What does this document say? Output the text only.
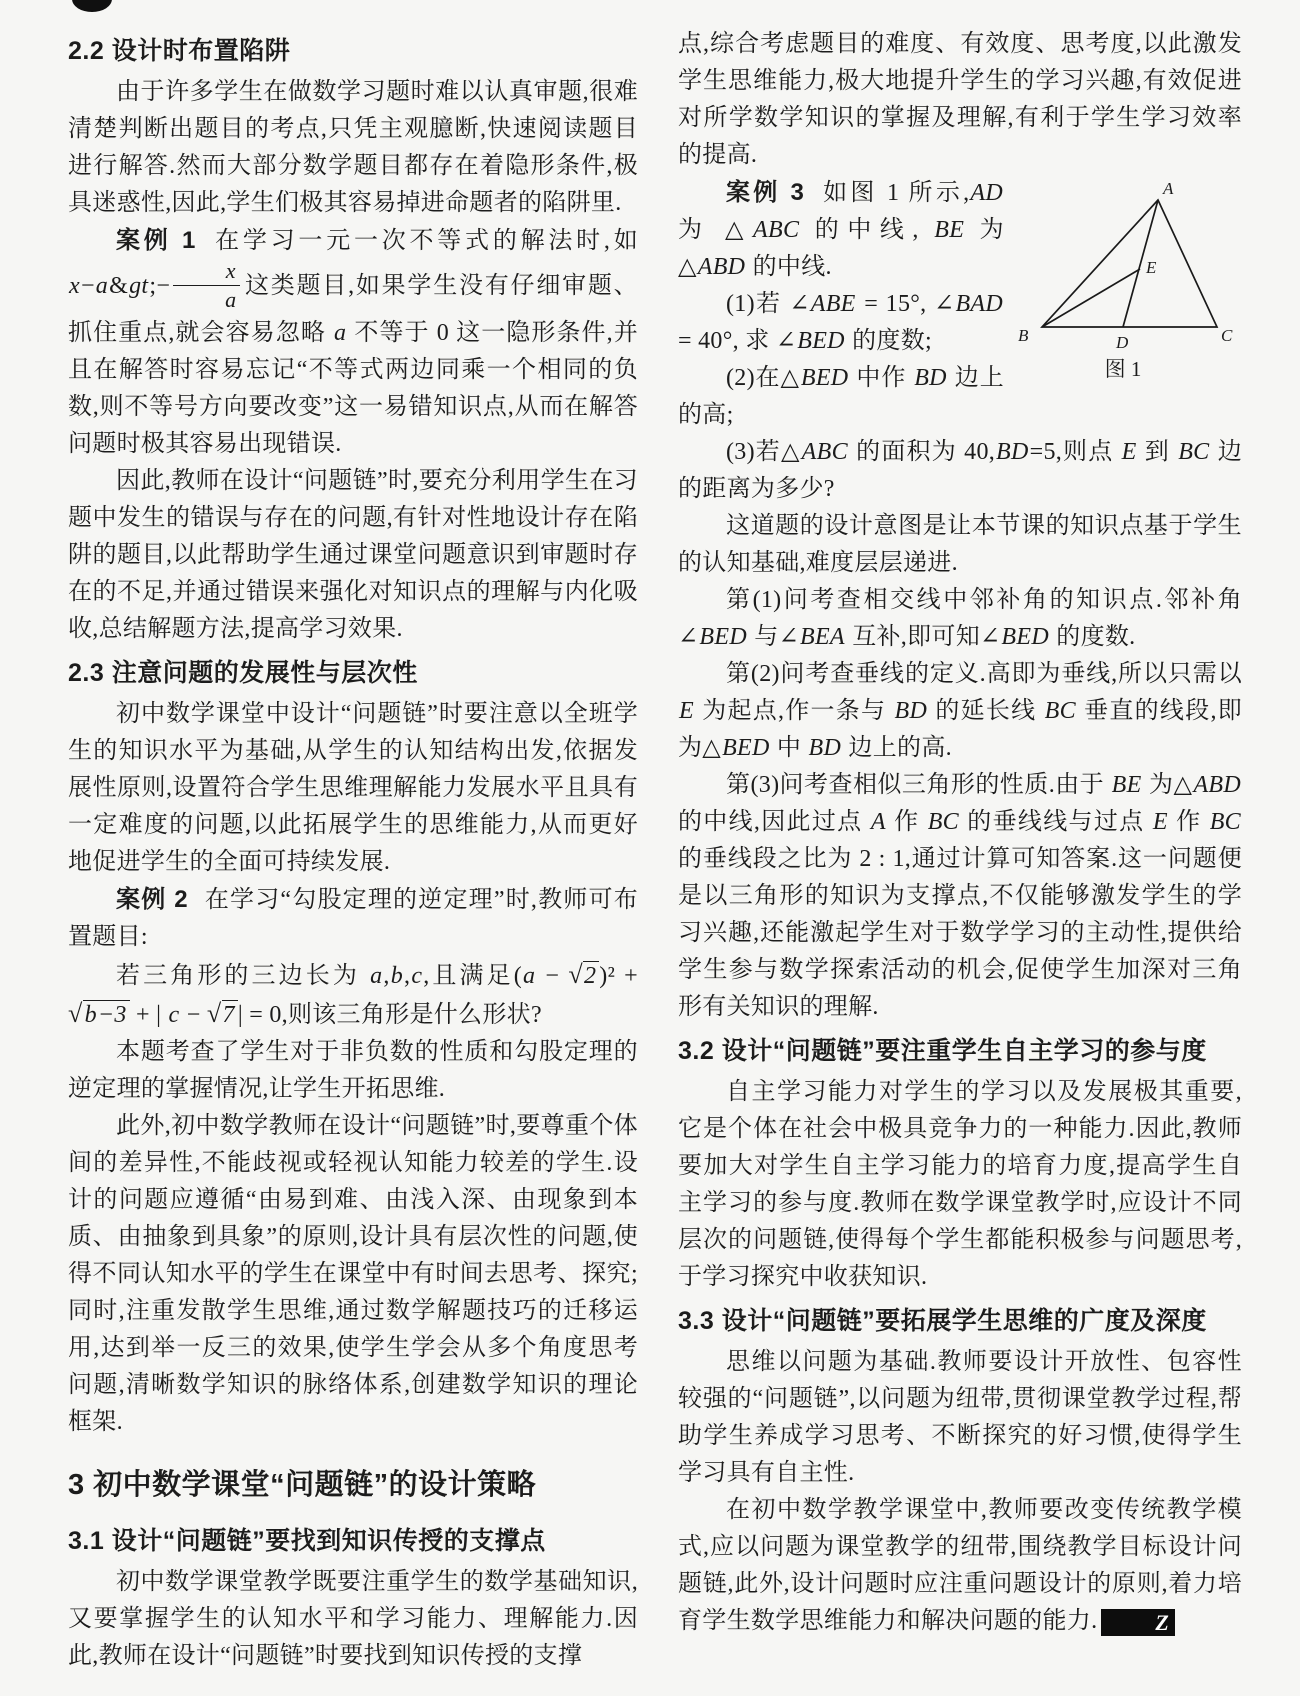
2.2 设计时布置陷阱

由于许多学生在做数学习题时难以认真审题,很难清楚判断出题目的考点,只凭主观臆断,快速阅读题目进行解答.然而大部分数学题目都存在着隐形条件,极具迷惑性,因此,学生们极其容易掉进命题者的陷阱里.

案例 1 在学习一元一次不等式的解法时,如x−a&gt;− $\frac{x}{a}$ 这类题目,如果学生没有仔细审题、抓住重点,就会容易忽略 a 不等于 0 这一隐形条件,并且在解答时容易忘记“不等式两边同乘一个相同的负数,则不等号方向要改变”这一易错知识点,从而在解答问题时极其容易出现错误.

因此,教师在设计“问题链”时,要充分利用学生在习题中发生的错误与存在的问题,有针对性地设计存在陷阱的题目,以此帮助学生通过课堂问题意识到审题时存在的不足,并通过错误来强化对知识点的理解与内化吸收,总结解题方法,提高学习效果.

2.3 注意问题的发展性与层次性

初中数学课堂中设计“问题链”时要注意以全班学生的知识水平为基础,从学生的认知结构出发,依据发展性原则,设置符合学生思维理解能力发展水平且具有一定难度的问题,以此拓展学生的思维能力,从而更好地促进学生的全面可持续发展.

案例 2 在学习“勾股定理的逆定理”时,教师可布置题目:

若三角形的三边长为 a,b,c,且满足(a − √2 )² + √b−3 + | c − √7 | = 0,则该三角形是什么形状?

本题考查了学生对于非负数的性质和勾股定理的逆定理的掌握情况,让学生开拓思维.

此外,初中数学教师在设计“问题链”时,要尊重个体间的差异性,不能歧视或轻视认知能力较差的学生.设计的问题应遵循“由易到难、由浅入深、由现象到本质、由抽象到具象”的原则,设计具有层次性的问题,使得不同认知水平的学生在课堂中有时间去思考、探究;同时,注重发散学生思维,通过数学解题技巧的迁移运用,达到举一反三的效果,使学生学会从多个角度思考问题,清晰数学知识的脉络体系,创建数学知识的理论框架.

3 初中数学课堂“问题链”的设计策略
3.1 设计“问题链”要找到知识传授的支撑点

初中数学课堂教学既要注重学生的数学基础知识,又要掌握学生的认知水平和学习能力、理解能力.因此,教师在设计“问题链”时要找到知识传授的支撑

点,综合考虑题目的难度、有效度、思考度,以此激发学生思维能力,极大地提升学生的学习兴趣,有效促进对所学数学知识的掌握及理解,有利于学生学习效率的提高.

A
B	C
D
E
图 1

案例 3 如图 1 所示,AD 为 △ABC 的中线, BE 为 △ABD 的中线.

(1)若 ∠ABE = 15°, ∠BAD = 40°, 求 ∠BED 的度数;

(2)在△BED 中作 BD 边上的高;

(3)若△ABC 的面积为 40,BD=5,则点 E 到 BC 边的距离为多少?

这道题的设计意图是让本节课的知识点基于学生的认知基础,难度层层递进.

第(1)问考查相交线中邻补角的知识点.邻补角∠BED 与∠BEA 互补,即可知∠BED 的度数.

第(2)问考查垂线的定义.高即为垂线,所以只需以 E 为起点,作一条与 BD 的延长线 BC 垂直的线段,即为△BED 中 BD 边上的高.

第(3)问考查相似三角形的性质.由于 BE 为△ABD 的中线,因此过点 A 作 BC 的垂线线与过点 E 作 BC 的垂线段之比为 2 : 1,通过计算可知答案.这一问题便是以三角形的知识为支撑点,不仅能够激发学生的学习兴趣,还能激起学生对于数学学习的主动性,提供给学生参与数学探索活动的机会,促使学生加深对三角形有关知识的理解.

3.2 设计“问题链”要注重学生自主学习的参与度

自主学习能力对学生的学习以及发展极其重要,它是个体在社会中极具竞争力的一种能力.因此,教师要加大对学生自主学习能力的培育力度,提高学生自主学习的参与度.教师在数学课堂教学时,应设计不同层次的问题链,使得每个学生都能积极参与问题思考,于学习探究中收获知识.

3.3 设计“问题链”要拓展学生思维的广度及深度

思维以问题为基础.教师要设计开放性、包容性较强的“问题链”,以问题为纽带,贯彻课堂教学过程,帮助学生养成学习思考、不断探究的好习惯,使得学生学习具有自主性.

在初中数学教学课堂中,教师要改变传统教学模式,应以问题为课堂教学的纽带,围绕教学目标设计问题链,此外,设计问题时应注重问题设计的原则,着力培育学生数学思维能力和解决问题的能力.	Z
